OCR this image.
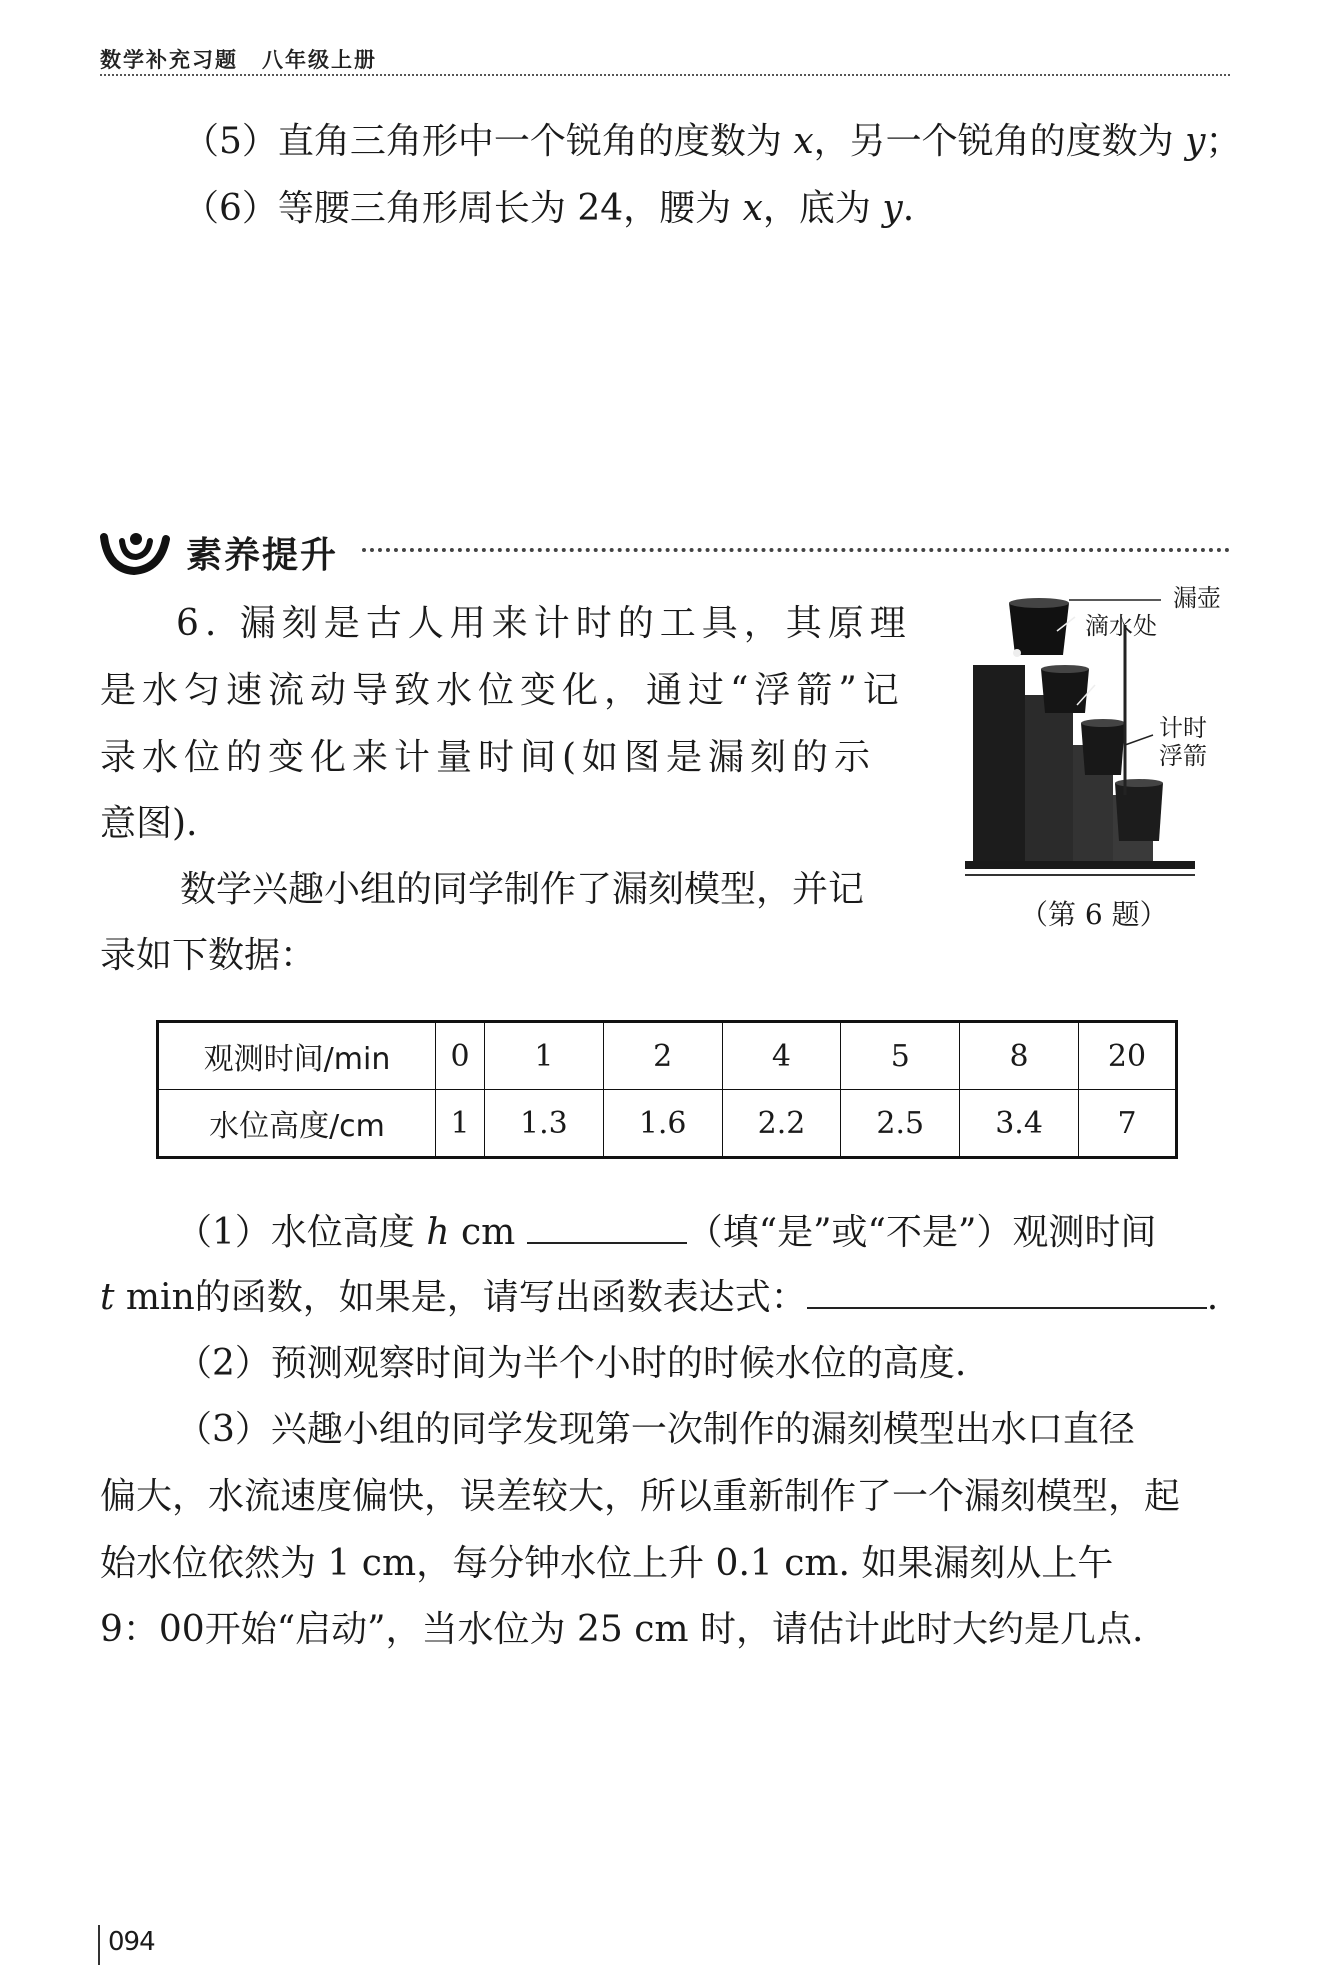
数学补充习题 八年级上册
（5）直角三角形中一个锐角的度数为 x，另一个锐角的度数为 y；
（6）等腰三角形周长为 24，腰为 x，底为 y.
素养提升
6. 漏刻是古人用来计时的工具，其原理
是水匀速流动导致水位变化，通过“浮箭”记
录水位的变化来计量时间(如图是漏刻的示
意图).
数学兴趣小组的同学制作了漏刻模型，并记
录如下数据：
漏壶
滴水处
计时
浮箭
（第 6 题）
观测时间/min	0	1	2	4	5	8	20
水位高度/cm	1	1.3	1.6	2.2	2.5	3.4	7
（1）水位高度 h cm	（填“是”或“不是”）观测时间
t min的函数，如果是，请写出函数表达式：	.
（2）预测观察时间为半个小时的时候水位的高度.
（3）兴趣小组的同学发现第一次制作的漏刻模型出水口直径
偏大，水流速度偏快，误差较大，所以重新制作了一个漏刻模型，起
始水位依然为 1 cm，每分钟水位上升 0.1 cm. 如果漏刻从上午
9：00开始“启动”，当水位为 25 cm 时，请估计此时大约是几点.
094
